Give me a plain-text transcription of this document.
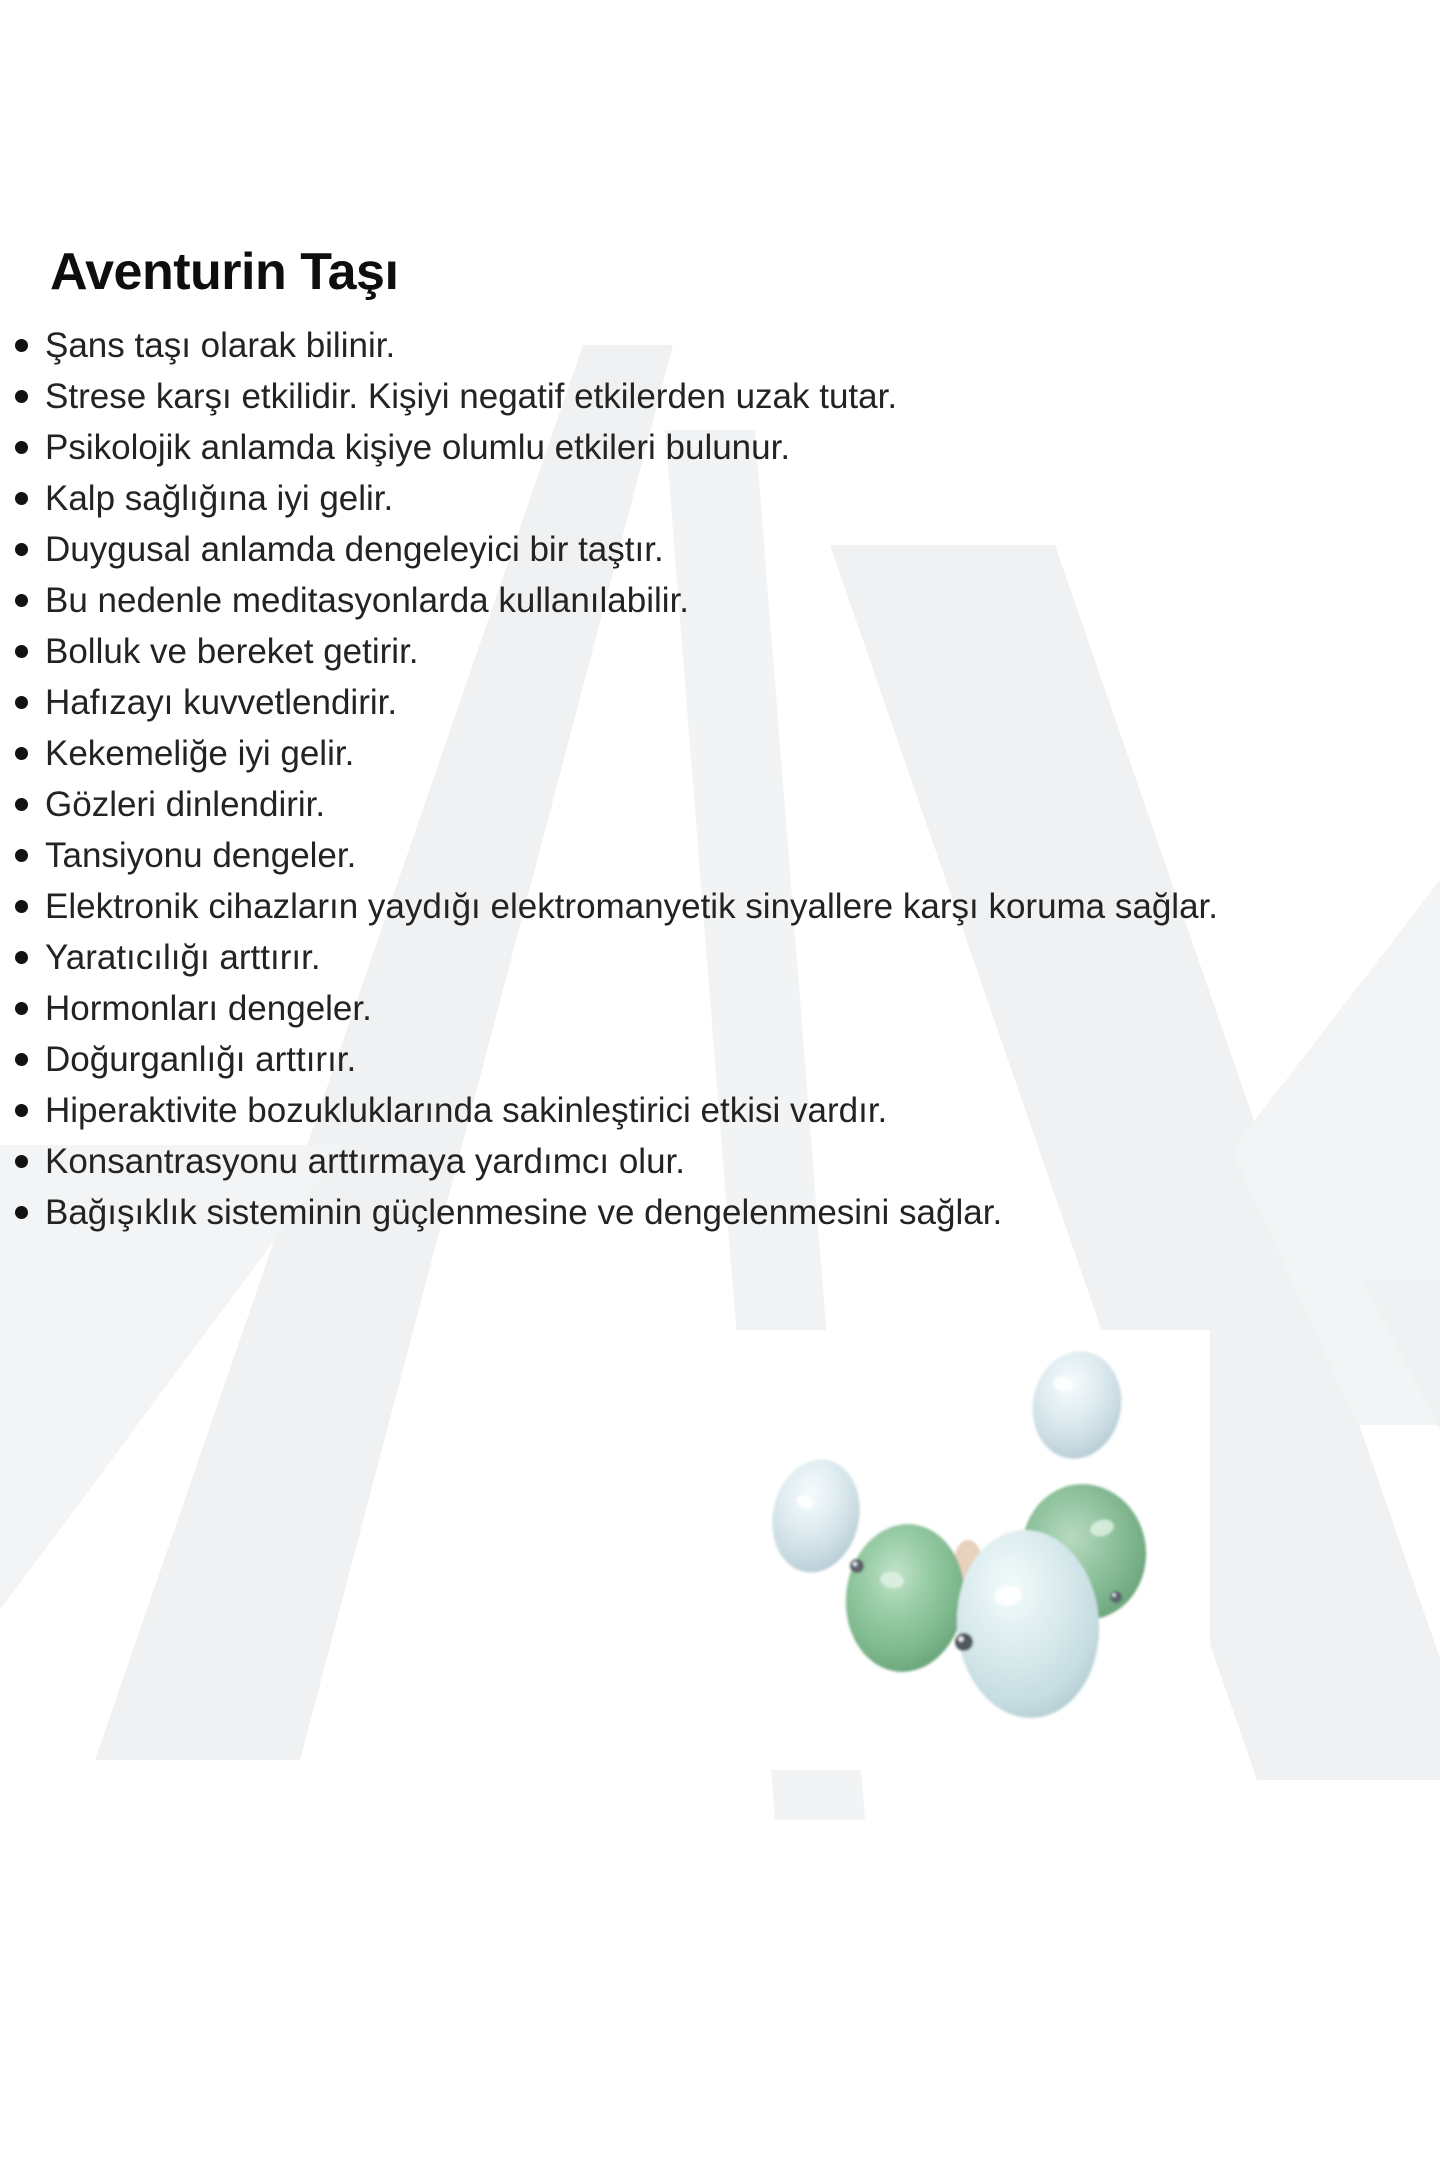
Aventurin Taşı
Şans taşı olarak bilinir.
Strese karşı etkilidir. Kişiyi negatif etkilerden uzak tutar.
Psikolojik anlamda kişiye olumlu etkileri bulunur.
Kalp sağlığına iyi gelir.
Duygusal anlamda dengeleyici bir taştır.
Bu nedenle meditasyonlarda kullanılabilir.
Bolluk ve bereket getirir.
Hafızayı kuvvetlendirir.
Kekemeliğe iyi gelir.
Gözleri dinlendirir.
Tansiyonu dengeler.
Elektronik cihazların yaydığı elektromanyetik sinyallere karşı koruma sağlar.
Yaratıcılığı arttırır.
Hormonları dengeler.
Doğurganlığı arttırır.
Hiperaktivite bozukluklarında sakinleştirici etkisi vardır.
Konsantrasyonu arttırmaya yardımcı olur.
Bağışıklık sisteminin güçlenmesine ve dengelenmesini sağlar.
